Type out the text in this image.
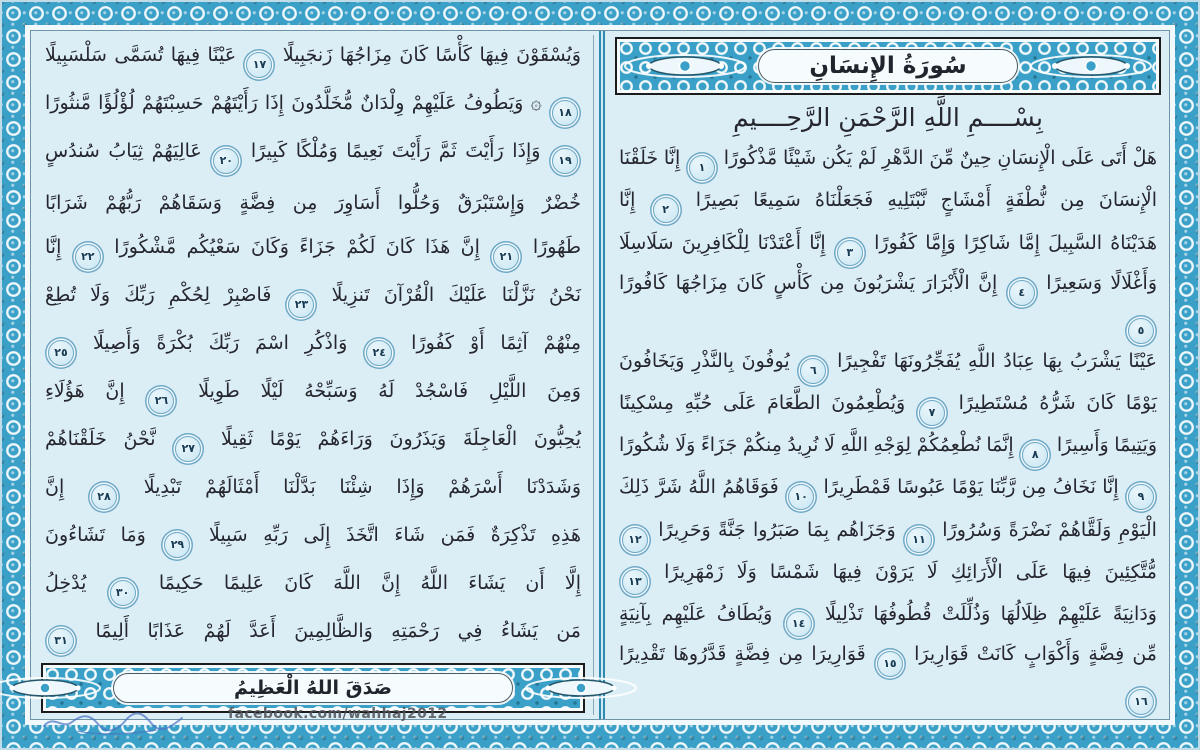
سُورَةُ الإِنسَانِ
بِسْــــمِ اللَّهِ الرَّحْمَنِ الرَّحِــــيمِ
هَلْ أَتَى عَلَى الْإِنسَانِ حِينٌ مِّنَ الدَّهْرِ لَمْ يَكُن شَيْئًا مَّذْكُورًا ١ إِنَّا خَلَقْنَا
الْإِنسَانَ مِن نُّطْفَةٍ أَمْشَاجٍ نَّبْتَلِيهِ فَجَعَلْنَاهُ سَمِيعًا بَصِيرًا ٢ إِنَّا
هَدَيْنَاهُ السَّبِيلَ إِمَّا شَاكِرًا وَإِمَّا كَفُورًا ٣ إِنَّا أَعْتَدْنَا لِلْكَافِرِينَ سَلَاسِلَا
وَأَغْلَالًا وَسَعِيرًا ٤ إِنَّ الْأَبْرَارَ يَشْرَبُونَ مِن كَأْسٍ كَانَ مِزَاجُهَا كَافُورًا ٥
عَيْنًا يَشْرَبُ بِهَا عِبَادُ اللَّهِ يُفَجِّرُونَهَا تَفْجِيرًا ٦ يُوفُونَ بِالنَّذْرِ وَيَخَافُونَ
يَوْمًا كَانَ شَرُّهُ مُسْتَطِيرًا ٧ وَيُطْعِمُونَ الطَّعَامَ عَلَى حُبِّهِ مِسْكِينًا
وَيَتِيمًا وَأَسِيرًا ٨ إِنَّمَا نُطْعِمُكُمْ لِوَجْهِ اللَّهِ لَا نُرِيدُ مِنكُمْ جَزَاءً وَلَا شُكُورًا
٩ إِنَّا نَخَافُ مِن رَّبِّنَا يَوْمًا عَبُوسًا قَمْطَرِيرًا ١٠ فَوَقَاهُمُ اللَّهُ شَرَّ ذَلِكَ
الْيَوْمِ وَلَقَّاهُمْ نَضْرَةً وَسُرُورًا ١١ وَجَزَاهُم بِمَا صَبَرُوا جَنَّةً وَحَرِيرًا ١٢
مُّتَّكِئِينَ فِيهَا عَلَى الْأَرَائِكِ لَا يَرَوْنَ فِيهَا شَمْسًا وَلَا زَمْهَرِيرًا ١٣
وَدَانِيَةً عَلَيْهِمْ ظِلَالُهَا وَذُلِّلَتْ قُطُوفُهَا تَذْلِيلًا ١٤ وَيُطَافُ عَلَيْهِم بِآنِيَةٍ
مِّن فِضَّةٍ وَأَكْوَابٍ كَانَتْ قَوَارِيرَا ١٥ قَوَارِيرَا مِن فِضَّةٍ قَدَّرُوهَا تَقْدِيرًا ١٦
وَيُسْقَوْنَ فِيهَا كَأْسًا كَانَ مِزَاجُهَا زَنجَبِيلًا ١٧ عَيْنًا فِيهَا تُسَمَّى سَلْسَبِيلًا
١٨ ۞ وَيَطُوفُ عَلَيْهِمْ وِلْدَانٌ مُّخَلَّدُونَ إِذَا رَأَيْتَهُمْ حَسِبْتَهُمْ لُؤْلُؤًا مَّنثُورًا
١٩ وَإِذَا رَأَيْتَ ثَمَّ رَأَيْتَ نَعِيمًا وَمُلْكًا كَبِيرًا ٢٠ عَالِيَهُمْ ثِيَابُ سُندُسٍ
خُضْرٌ وَإِسْتَبْرَقٌ وَحُلُّوا أَسَاوِرَ مِن فِضَّةٍ وَسَقَاهُمْ رَبُّهُمْ شَرَابًا
طَهُورًا ٢١ إِنَّ هَذَا كَانَ لَكُمْ جَزَاءً وَكَانَ سَعْيُكُم مَّشْكُورًا ٢٢ إِنَّا
نَحْنُ نَزَّلْنَا عَلَيْكَ الْقُرْآنَ تَنزِيلًا ٢٣ فَاصْبِرْ لِحُكْمِ رَبِّكَ وَلَا تُطِعْ
مِنْهُمْ آثِمًا أَوْ كَفُورًا ٢٤ وَاذْكُرِ اسْمَ رَبِّكَ بُكْرَةً وَأَصِيلًا ٢٥
وَمِنَ اللَّيْلِ فَاسْجُدْ لَهُ وَسَبِّحْهُ لَيْلًا طَوِيلًا ٢٦ إِنَّ هَؤُلَاءِ
يُحِبُّونَ الْعَاجِلَةَ وَيَذَرُونَ وَرَاءَهُمْ يَوْمًا ثَقِيلًا ٢٧ نَّحْنُ خَلَقْنَاهُمْ
وَشَدَدْنَا أَسْرَهُمْ وَإِذَا شِئْنَا بَدَّلْنَا أَمْثَالَهُمْ تَبْدِيلًا ٢٨ إِنَّ
هَذِهِ تَذْكِرَةٌ فَمَن شَاءَ اتَّخَذَ إِلَى رَبِّهِ سَبِيلًا ٢٩ وَمَا تَشَاءُونَ
إِلَّا أَن يَشَاءَ اللَّهُ إِنَّ اللَّهَ كَانَ عَلِيمًا حَكِيمًا ٣٠ يُدْخِلُ
مَن يَشَاءُ فِي رَحْمَتِهِ وَالظَّالِمِينَ أَعَدَّ لَهُمْ عَذَابًا أَلِيمًا ٣١
صَدَقَ اللهُ الْعَظِيمُ
facebook.com/wahhaj2012
